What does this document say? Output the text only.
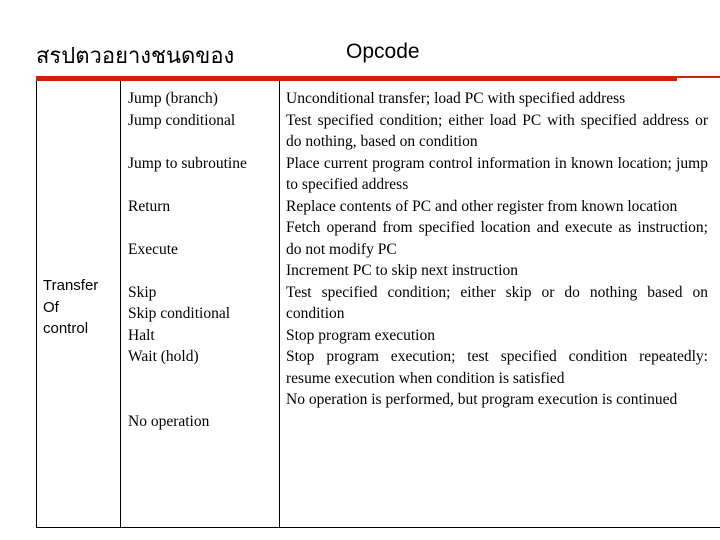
สรปตวอยางชนดของ	Opcode
Transfer
Of
control
Jump (branch)
Jump conditional
Jump to subroutine
Return
Execute
Skip
Skip conditional
Halt
Wait (hold)
No operation
Unconditional transfer; load PC with specified address
Test specified condition; either load PC with specified address or do nothing, based on condition
Place current program control information in known location; jump to specified address
Replace contents of PC and other register from known location
Fetch operand from specified location and execute as instruction; do not modify PC
Increment PC to skip next instruction
Test specified condition; either skip or do nothing based on condition
Stop program execution
Stop program execution; test specified condition repeatedly: resume execution when condition is satisfied
No operation is performed, but program execution is continued
